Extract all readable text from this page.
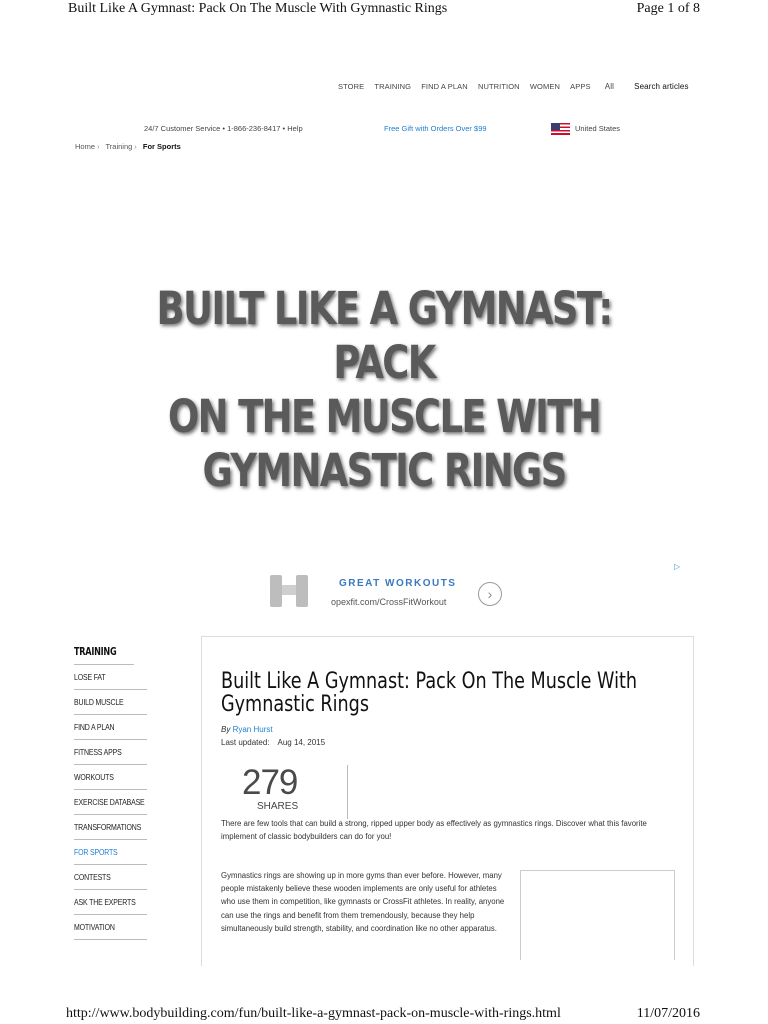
Built Like A Gymnast: Pack On The Muscle With Gymnastic Rings	Page 1 of 8
STORE TRAINING FIND A PLAN NUTRITION WOMEN APPS All	Search articles
24/7 Customer Service • 1-866-236-8417 • Help	Free Gift with Orders Over $99	United States
Home › Training › For Sports
BUILT LIKE A GYMNAST: PACK
ON THE MUSCLE WITH
GYMNASTIC RINGS
GREAT WORKOUTS
opexfit.com/CrossFitWorkout	›
▷
TRAINING
LOSE FAT
BUILD MUSCLE
FIND A PLAN
FITNESS APPS
WORKOUTS
EXERCISE DATABASE
TRANSFORMATIONS
FOR SPORTS
CONTESTS
ASK THE EXPERTS
MOTIVATION
Built Like A Gymnast: Pack On The Muscle With Gymnastic Rings
By Ryan Hurst
Last updated: Aug 14, 2015
279
SHARES

There are few tools that can build a strong, ripped upper body as effectively as gymnastics rings. Discover what this favorite implement of classic bodybuilders can do for you!

Gymnastics rings are showing up in more gyms than ever before. However, many people mistakenly believe these wooden implements are only useful for athletes who use them in competition, like gymnasts or CrossFit athletes. In reality, anyone can use the rings and benefit from them tremendously, because they help simultaneously build strength, stability, and coordination like no other apparatus.

http://www.bodybuilding.com/fun/built-like-a-gymnast-pack-on-muscle-with-rings.html	11/07/2016
